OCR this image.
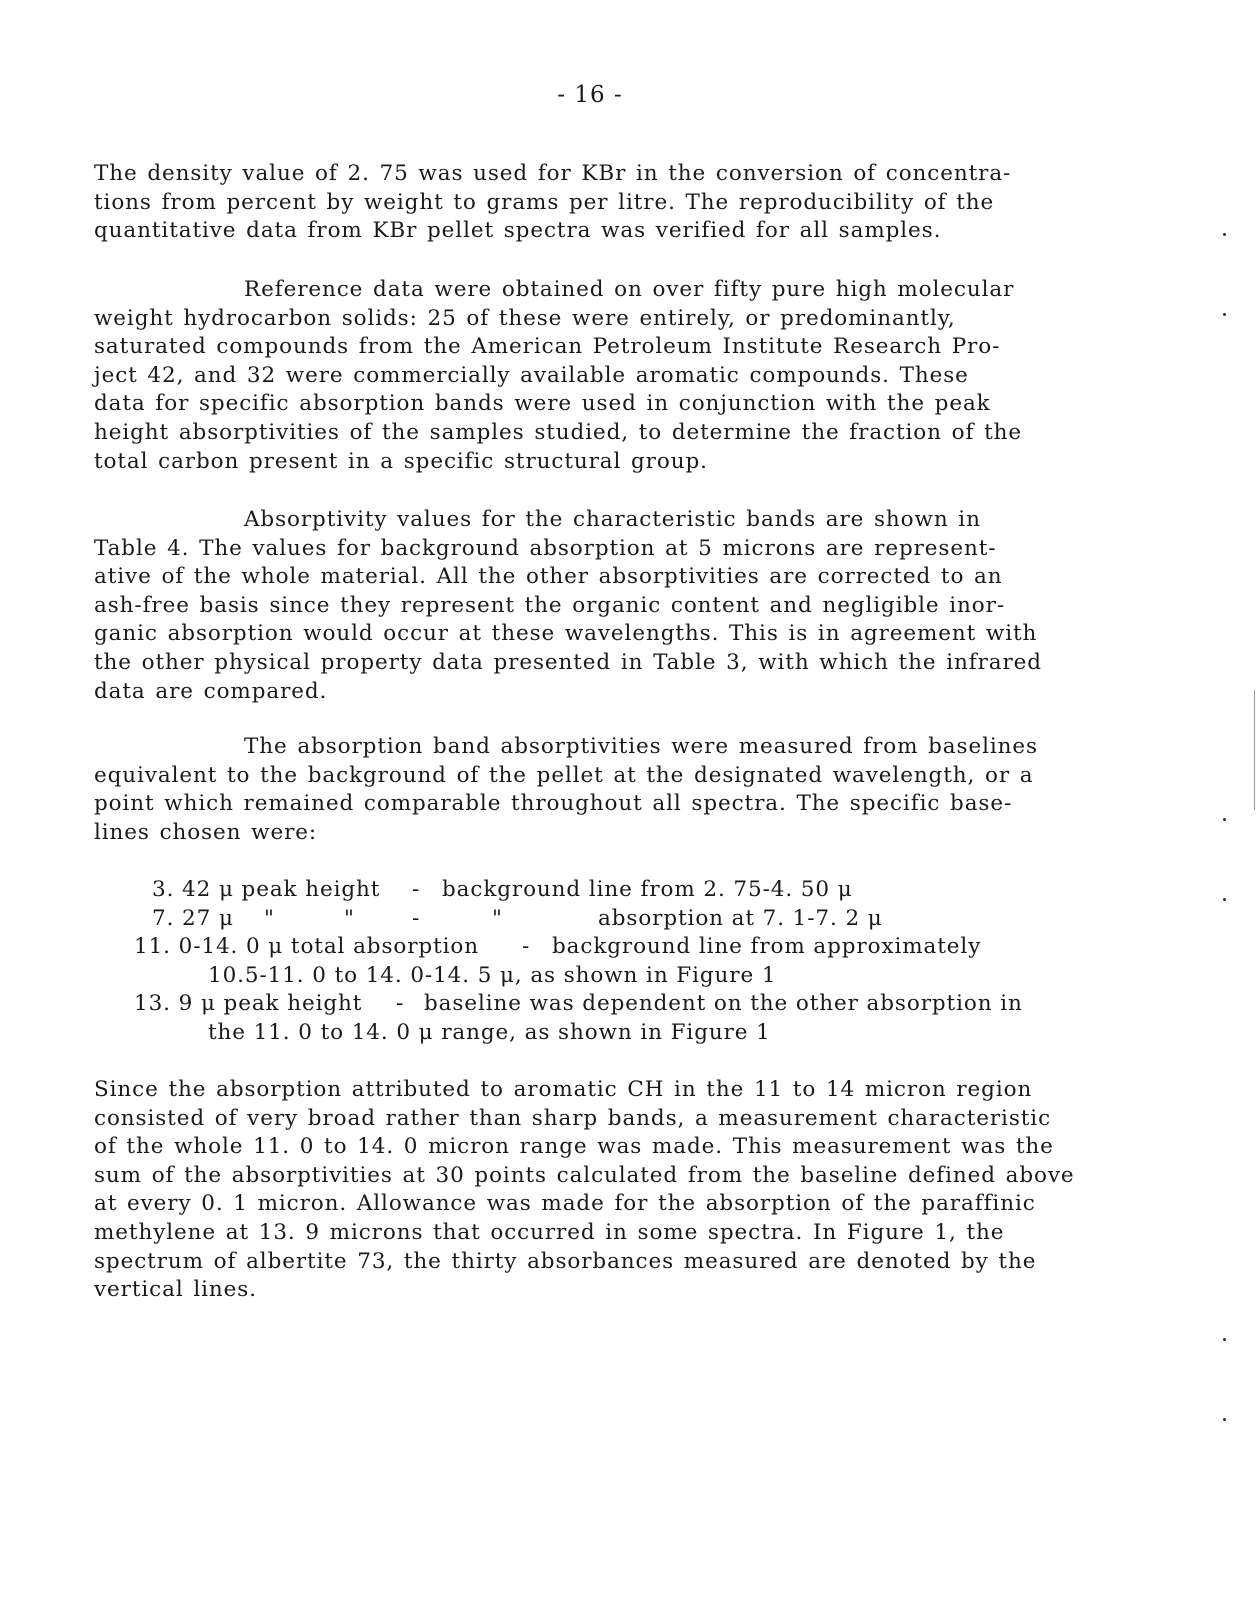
- 16 -

The density value of 2. 75 was used for KBr in the conversion of concentra-
tions from percent by weight to grams per litre. The reproducibility of the
quantitative data from KBr pellet spectra was verified for all samples.

Reference data were obtained on over fifty pure high molecular
weight hydrocarbon solids: 25 of these were entirely, or predominantly,
saturated compounds from the American Petroleum Institute Research Pro-
ject 42, and 32 were commercially available aromatic compounds. These
data for specific absorption bands were used in conjunction with the peak
height absorptivities of the samples studied, to determine the fraction of the
total carbon present in a specific structural group.

Absorptivity values for the characteristic bands are shown in
Table 4. The values for background absorption at 5 microns are represent-
ative of the whole material. All the other absorptivities are corrected to an
ash-free basis since they represent the organic content and negligible inor-
ganic absorption would occur at these wavelengths. This is in agreement with
the other physical property data presented in Table 3, with which the infrared
data are compared.

The absorption band absorptivities were measured from baselines
equivalent to the background of the pellet at the designated wavelength, or a
point which remained comparable throughout all spectra. The specific base-
lines chosen were:

3. 42 μ peak height - background line from 2. 75-4. 50 μ
7. 27 μ "	"	-	"	absorption at 7. 1-7. 2 μ
11. 0-14. 0 μ total absorption - background line from approximately
10.5-11. 0 to 14. 0-14. 5 μ, as shown in Figure 1
13. 9 μ peak height - baseline was dependent on the other absorption in
the 11. 0 to 14. 0 μ range, as shown in Figure 1

Since the absorption attributed to aromatic CH in the 11 to 14 micron region
consisted of very broad rather than sharp bands, a measurement characteristic
of the whole 11. 0 to 14. 0 micron range was made. This measurement was the
sum of the absorptivities at 30 points calculated from the baseline defined above
at every 0. 1 micron. Allowance was made for the absorption of the paraffinic
methylene at 13. 9 microns that occurred in some spectra. In Figure 1, the
spectrum of albertite 73, the thirty absorbances measured are denoted by the
vertical lines.
